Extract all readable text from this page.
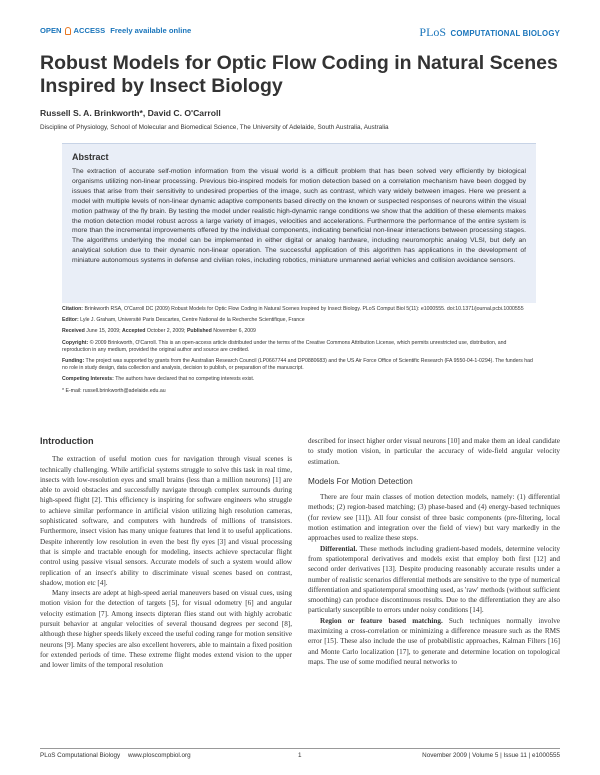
OPEN ACCESS Freely available online	PLoS COMPUTATIONAL BIOLOGY
Robust Models for Optic Flow Coding in Natural Scenes Inspired by Insect Biology
Russell S. A. Brinkworth*, David C. O'Carroll
Discipline of Physiology, School of Molecular and Biomedical Science, The University of Adelaide, South Australia, Australia
Abstract
The extraction of accurate self-motion information from the visual world is a difficult problem that has been solved very efficiently by biological organisms utilizing non-linear processing. Previous bio-inspired models for motion detection based on a correlation mechanism have been dogged by issues that arise from their sensitivity to undesired properties of the image, such as contrast, which vary widely between images. Here we present a model with multiple levels of non-linear dynamic adaptive components based directly on the known or suspected responses of neurons within the visual motion pathway of the fly brain. By testing the model under realistic high-dynamic range conditions we show that the addition of these elements makes the motion detection model robust across a large variety of images, velocities and accelerations. Furthermore the performance of the entire system is more than the incremental improvements offered by the individual components, indicating beneficial non-linear interactions between processing stages. The algorithms underlying the model can be implemented in either digital or analog hardware, including neuromorphic analog VLSI, but defy an analytical solution due to their dynamic non-linear operation. The successful application of this algorithm has applications in the development of miniature autonomous systems in defense and civilian roles, including robotics, miniature unmanned aerial vehicles and collision avoidance sensors.
Citation: Brinkworth RSA, O'Carroll DC (2009) Robust Models for Optic Flow Coding in Natural Scenes Inspired by Insect Biology. PLoS Comput Biol 5(11): e1000555. doi:10.1371/journal.pcbi.1000555
Editor: Lyle J. Graham, Université Paris Descartes, Centre National de la Recherche Scientifique, France
Received June 15, 2009; Accepted October 2, 2009; Published November 6, 2009
Copyright: © 2009 Brinkworth, O'Carroll. This is an open-access article distributed under the terms of the Creative Commons Attribution License, which permits unrestricted use, distribution, and reproduction in any medium, provided the original author and source are credited.
Funding: The project was supported by grants from the Australian Research Council (LP0667744 and DP0880683) and the US Air Force Office of Scientific Research (FA 9550-04-1-0294). The funders had no role in study design, data collection and analysis, decision to publish, or preparation of the manuscript.
Competing Interests: The authors have declared that no competing interests exist.
* E-mail: russell.brinkworth@adelaide.edu.au
Introduction

The extraction of useful motion cues for navigation through visual scenes is technically challenging. While artificial systems struggle to solve this task in real time, insects with low-resolution eyes and small brains (less than a million neurons) [1] are able to avoid obstacles and successfully navigate through complex surrounds during high-speed flight [2]. This efficiency is inspiring for software engineers who struggle to achieve similar performance in artificial vision utilizing high resolution cameras, sophisticated software, and computers with hundreds of millions of transistors. Furthermore, insect vision has many unique features that lend it to useful applications. Despite inherently low resolution in even the best fly eyes [3] and visual processing that is simple and tractable enough for modeling, insects achieve spectacular flight control using passive visual sensors. Accurate models of such a system would allow replication of an insect's ability to discriminate visual scenes based on contrast, shadow, motion etc [4].

Many insects are adept at high-speed aerial maneuvers based on visual cues, using motion vision for the detection of targets [5], for visual odometry [6] and angular velocity estimation [7]. Among insects dipteran flies stand out with highly acrobatic pursuit behavior at angular velocities of several thousand degrees per second [8], although these higher speeds likely exceed the useful coding range for motion sensitive neurons [9]. Many species are also excellent hoverers, able to maintain a fixed position for extended periods of time. These extreme flight modes extend vision to the upper and lower limits of the temporal resolution

described for insect higher order visual neurons [10] and make them an ideal candidate to study motion vision, in particular the accuracy of wide-field angular velocity estimation.

Models For Motion Detection

There are four main classes of motion detection models, namely: (1) differential methods; (2) region-based matching; (3) phase-based and (4) energy-based techniques (for review see [11]). All four consist of three basic components (pre-filtering, local motion estimation and integration over the field of view) but vary markedly in the approaches used to realize these steps.

Differential. These methods including gradient-based models, determine velocity from spatiotemporal derivatives and models exist that employ both first [12] and second order derivatives [13]. Despite producing reasonably accurate results under a number of realistic scenarios differential methods are sensitive to the type of numerical differentiation and spatiotemporal smoothing used, as 'raw' methods (without sufficient smoothing) can produce discontinuous results. Due to the differentiation they are also particularly susceptible to errors under noisy conditions [14].

Region or feature based matching. Such techniques normally involve maximizing a cross-correlation or minimizing a difference measure such as the RMS error [15]. These also include the use of probabilistic approaches, Kalman Filters [16] and Monte Carlo localization [17], to generate and determine location on topological maps. The use of some modified neural networks to

PLoS Computational Biology www.ploscompbiol.org	1	November 2009 | Volume 5 | Issue 11 | e1000555
